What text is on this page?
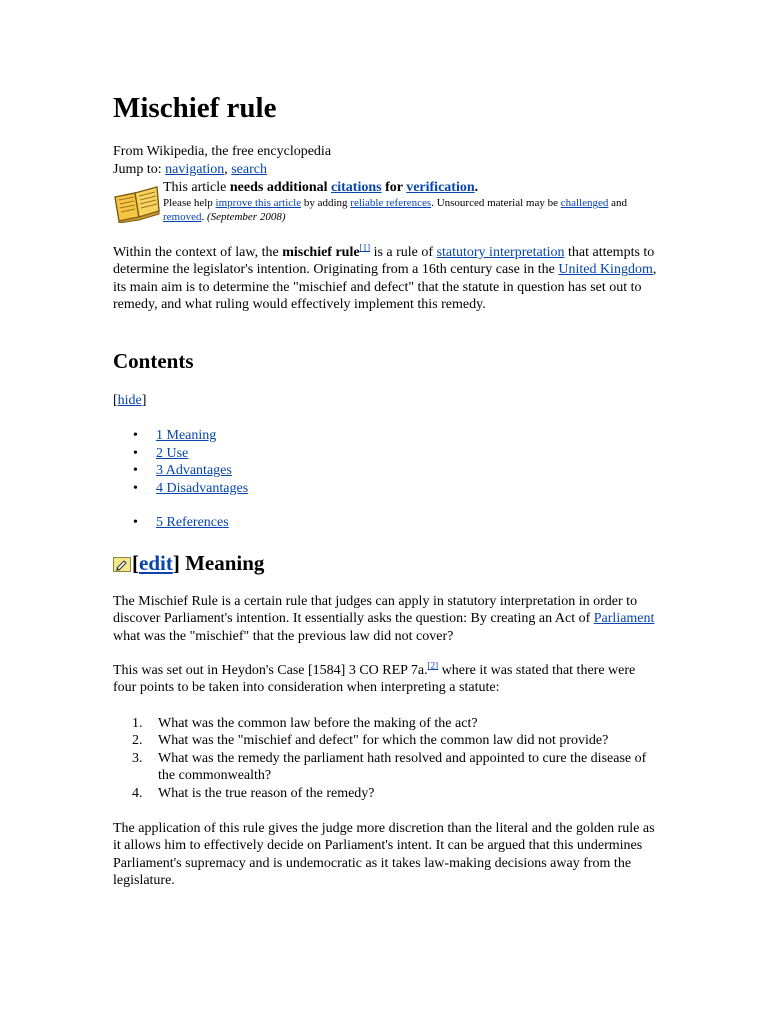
Mischief rule
From Wikipedia, the free encyclopedia
Jump to: navigation, search
This article needs additional citations for verification.
Please help improve this article by adding reliable references. Unsourced material may be challenged and removed. (September 2008)

Within the context of law, the mischief rule[1] is a rule of statutory interpretation that attempts to determine the legislator's intention. Originating from a 16th century case in the United Kingdom, its main aim is to determine the "mischief and defect" that the statute in question has set out to remedy, and what ruling would effectively implement this remedy.

Contents
[hide]
• 1 Meaning
• 2 Use
• 3 Advantages
• 4 Disadvantages
• 5 References
[edit] Meaning

The Mischief Rule is a certain rule that judges can apply in statutory interpretation in order to discover Parliament's intention. It essentially asks the question: By creating an Act of Parliament what was the "mischief" that the previous law did not cover?

This was set out in Heydon's Case [1584] 3 CO REP 7a.[2] where it was stated that there were four points to be taken into consideration when interpreting a statute:

1. What was the common law before the making of the act?
2. What was the "mischief and defect" for which the common law did not provide?
3. What was the remedy the parliament hath resolved and appointed to cure the disease of the commonwealth?
4. What is the true reason of the remedy?

The application of this rule gives the judge more discretion than the literal and the golden rule as it allows him to effectively decide on Parliament's intent. It can be argued that this undermines Parliament's supremacy and is undemocratic as it takes law-making decisions away from the legislature.
